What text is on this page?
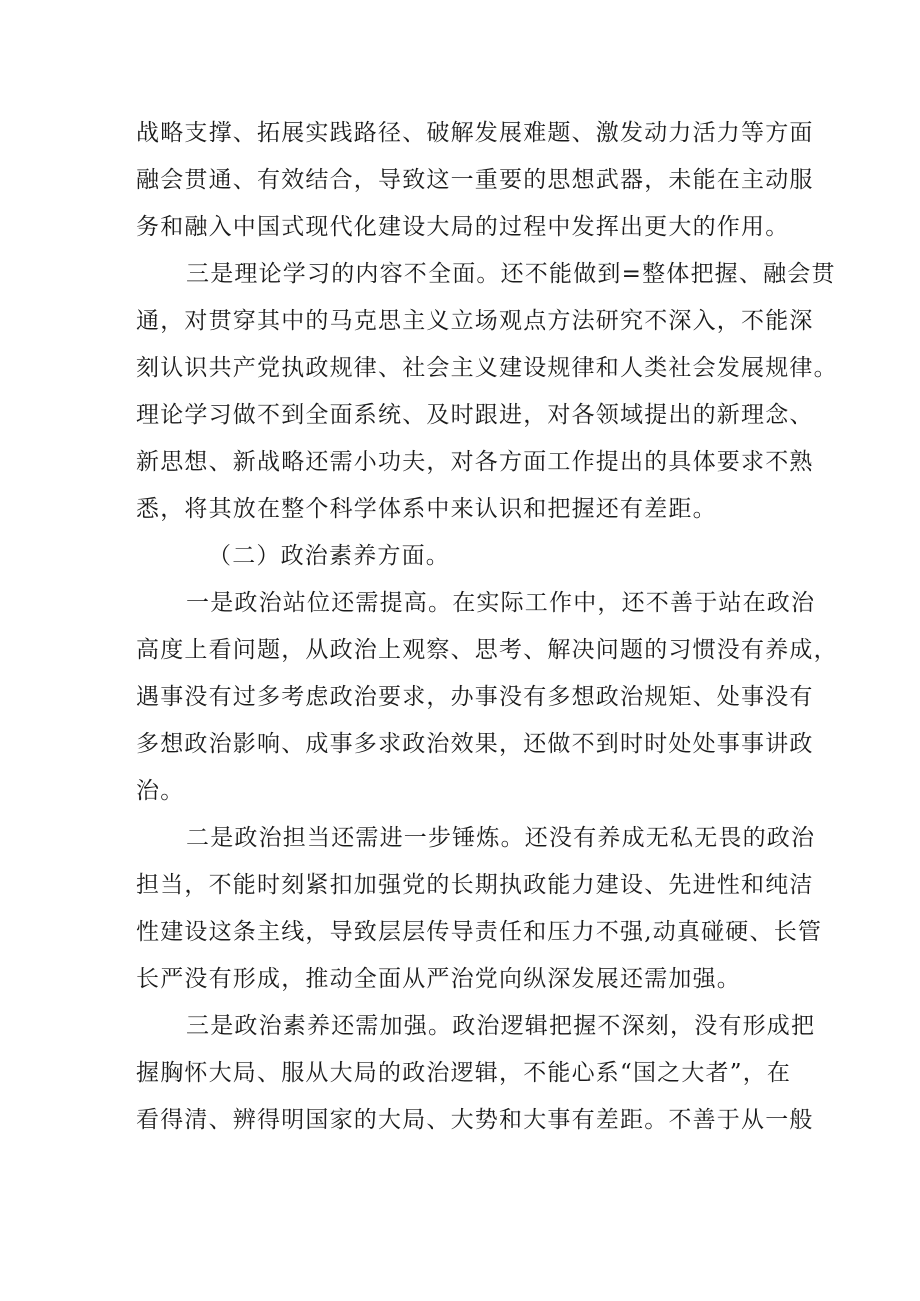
战略支撑、拓展实践路径、破解发展难题、激发动力活力等方面
融会贯通、有效结合，导致这一重要的思想武器，未能在主动服
务和融入中国式现代化建设大局的过程中发挥出更大的作用。
三是理论学习的内容不全面。还不能做到=整体把握、融会贯
通，对贯穿其中的马克思主义立场观点方法研究不深入，不能深
刻认识共产党执政规律、社会主义建设规律和人类社会发展规律。
理论学习做不到全面系统、及时跟进，对各领域提出的新理念、
新思想、新战略还需小功夫，对各方面工作提出的具体要求不熟
悉，将其放在整个科学体系中来认识和把握还有差距。
（二）政治素养方面。
一是政治站位还需提高。在实际工作中，还不善于站在政治
高度上看问题，从政治上观察、思考、解决问题的习惯没有养成，
遇事没有过多考虑政治要求，办事没有多想政治规矩、处事没有
多想政治影响、成事多求政治效果，还做不到时时处处事事讲政
治。
二是政治担当还需进一步锤炼。还没有养成无私无畏的政治
担当，不能时刻紧扣加强党的长期执政能力建设、先进性和纯洁
性建设这条主线，导致层层传导责任和压力不强,动真碰硬、长管
长严没有形成，推动全面从严治党向纵深发展还需加强。
三是政治素养还需加强。政治逻辑把握不深刻，没有形成把
握胸怀大局、服从大局的政治逻辑，不能心系“国之大者”，在
看得清、辨得明国家的大局、大势和大事有差距。不善于从一般
